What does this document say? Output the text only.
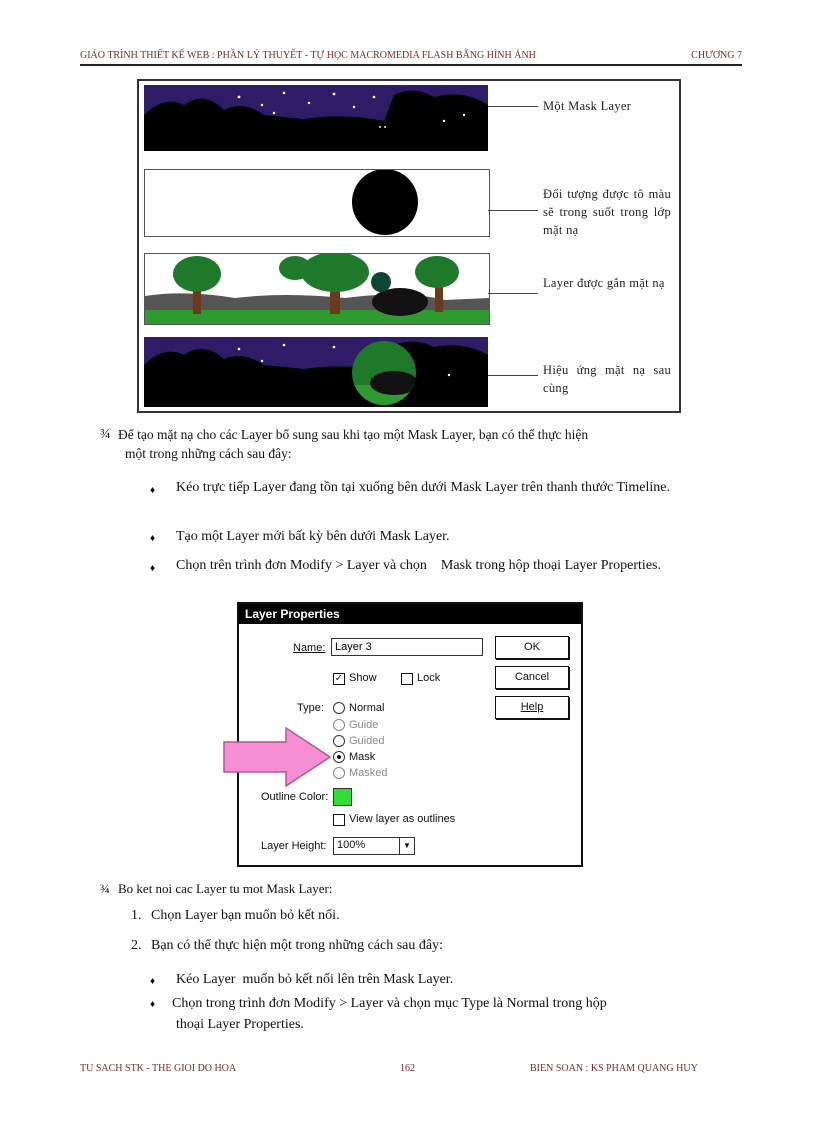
GIÁO TRÌNH THIẾT KẾ WEB : PHẦN LÝ THUYẾT - TỰ HỌC MACROMEDIA FLASH BẰNG HÌNH ẢNH	CHƯƠNG 7
Một Mask Layer
Đối tượng được tô màu sẽ trong suốt trong lớp mặt nạ
Layer được gắn mặt nạ
Hiệu ứng mặt nạ sau cùng
¾ Để tạo mặt nạ cho các Layer bổ sung sau khi tạo một Mask Layer, bạn có thể thực hiện
một trong những cách sau đây:
♦ Kéo trực tiếp Layer đang tồn tại xuống bên dưới Mask Layer trên thanh thước Timeline.
♦ Tạo một Layer mới bất kỳ bên dưới Mask Layer.
♦ Chọn trên trình đơn Modify > Layer và chọn    Mask trong hộp thoại Layer Properties.
Layer Properties
Name:
Layer 3	OK
Cancel
Help
✓ Show	Lock
Type: Normal
Guide
Guided
Mask
Masked
Outline Color:
View layer as outlines
Layer Height: 100%	▼
¾ Bo ket noi cac Layer tu mot Mask Layer:
1. Chọn Layer bạn muốn bỏ kết nối.
2. Bạn có thể thực hiện một trong những cách sau đây:
♦ Kéo Layer  muốn bỏ kết nối lên trên Mask Layer.
♦ Chọn trong trình đơn Modify > Layer và chọn mục Type là Normal trong hộp
thoại Layer Properties.
TU SACH STK - THE GIOI DO HOA	162	BIEN SOAN : KS PHAM QUANG HUY
